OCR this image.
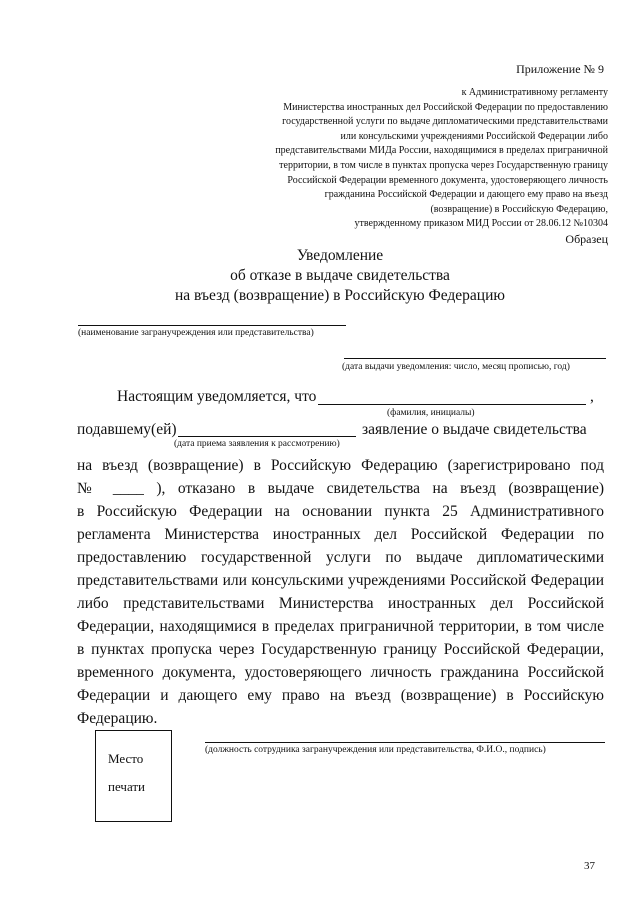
Приложение № 9
к Административному регламенту
Министерства иностранных дел Российской Федерации по предоставлению
государственной услуги по выдаче дипломатическими представительствами
или консульскими учреждениями Российской Федерации либо
представительствами МИДа России, находящимися в пределах приграничной
территории, в том числе в пунктах пропуска через Государственную границу
Российской Федерации временного документа, удостоверяющего личность
гражданина Российской Федерации и дающего ему право на въезд
(возвращение) в Российскую Федерацию,
утвержденному приказом МИД России от 28.06.12 №10304
Образец
Уведомление
об отказе в выдаче свидетельства
на въезд (возвращение) в Российскую Федерацию
(наименование загранучреждения или представительства)
(дата выдачи уведомления: число, месяц прописью, год)
Настоящим уведомляется, что	,
(фамилия, инициалы)
подавшему(ей)	заявление о выдаче свидетельства
(дата приема заявления к рассмотрению)
на въезд (возвращение) в Российскую Федерацию (зарегистрировано под
№ ____ ), отказано в выдаче свидетельства на въезд (возвращение)
в Российскую Федерации на основании пункта 25 Административного
регламента Министерства иностранных дел Российской Федерации по
предоставлению государственной услуги по выдаче дипломатическими
представительствами или консульскими учреждениями Российской Федерации
либо представительствами Министерства иностранных дел Российской
Федерации, находящимися в пределах приграничной территории, в том числе
в пунктах пропуска через Государственную границу Российской Федерации,
временного документа, удостоверяющего личность гражданина Российской
Федерации и дающего ему право на въезд (возвращение) в Российскую
Федерацию.
(должность сотрудника загранучреждения или представительства, Ф.И.О., подпись)
Место
печати
37
